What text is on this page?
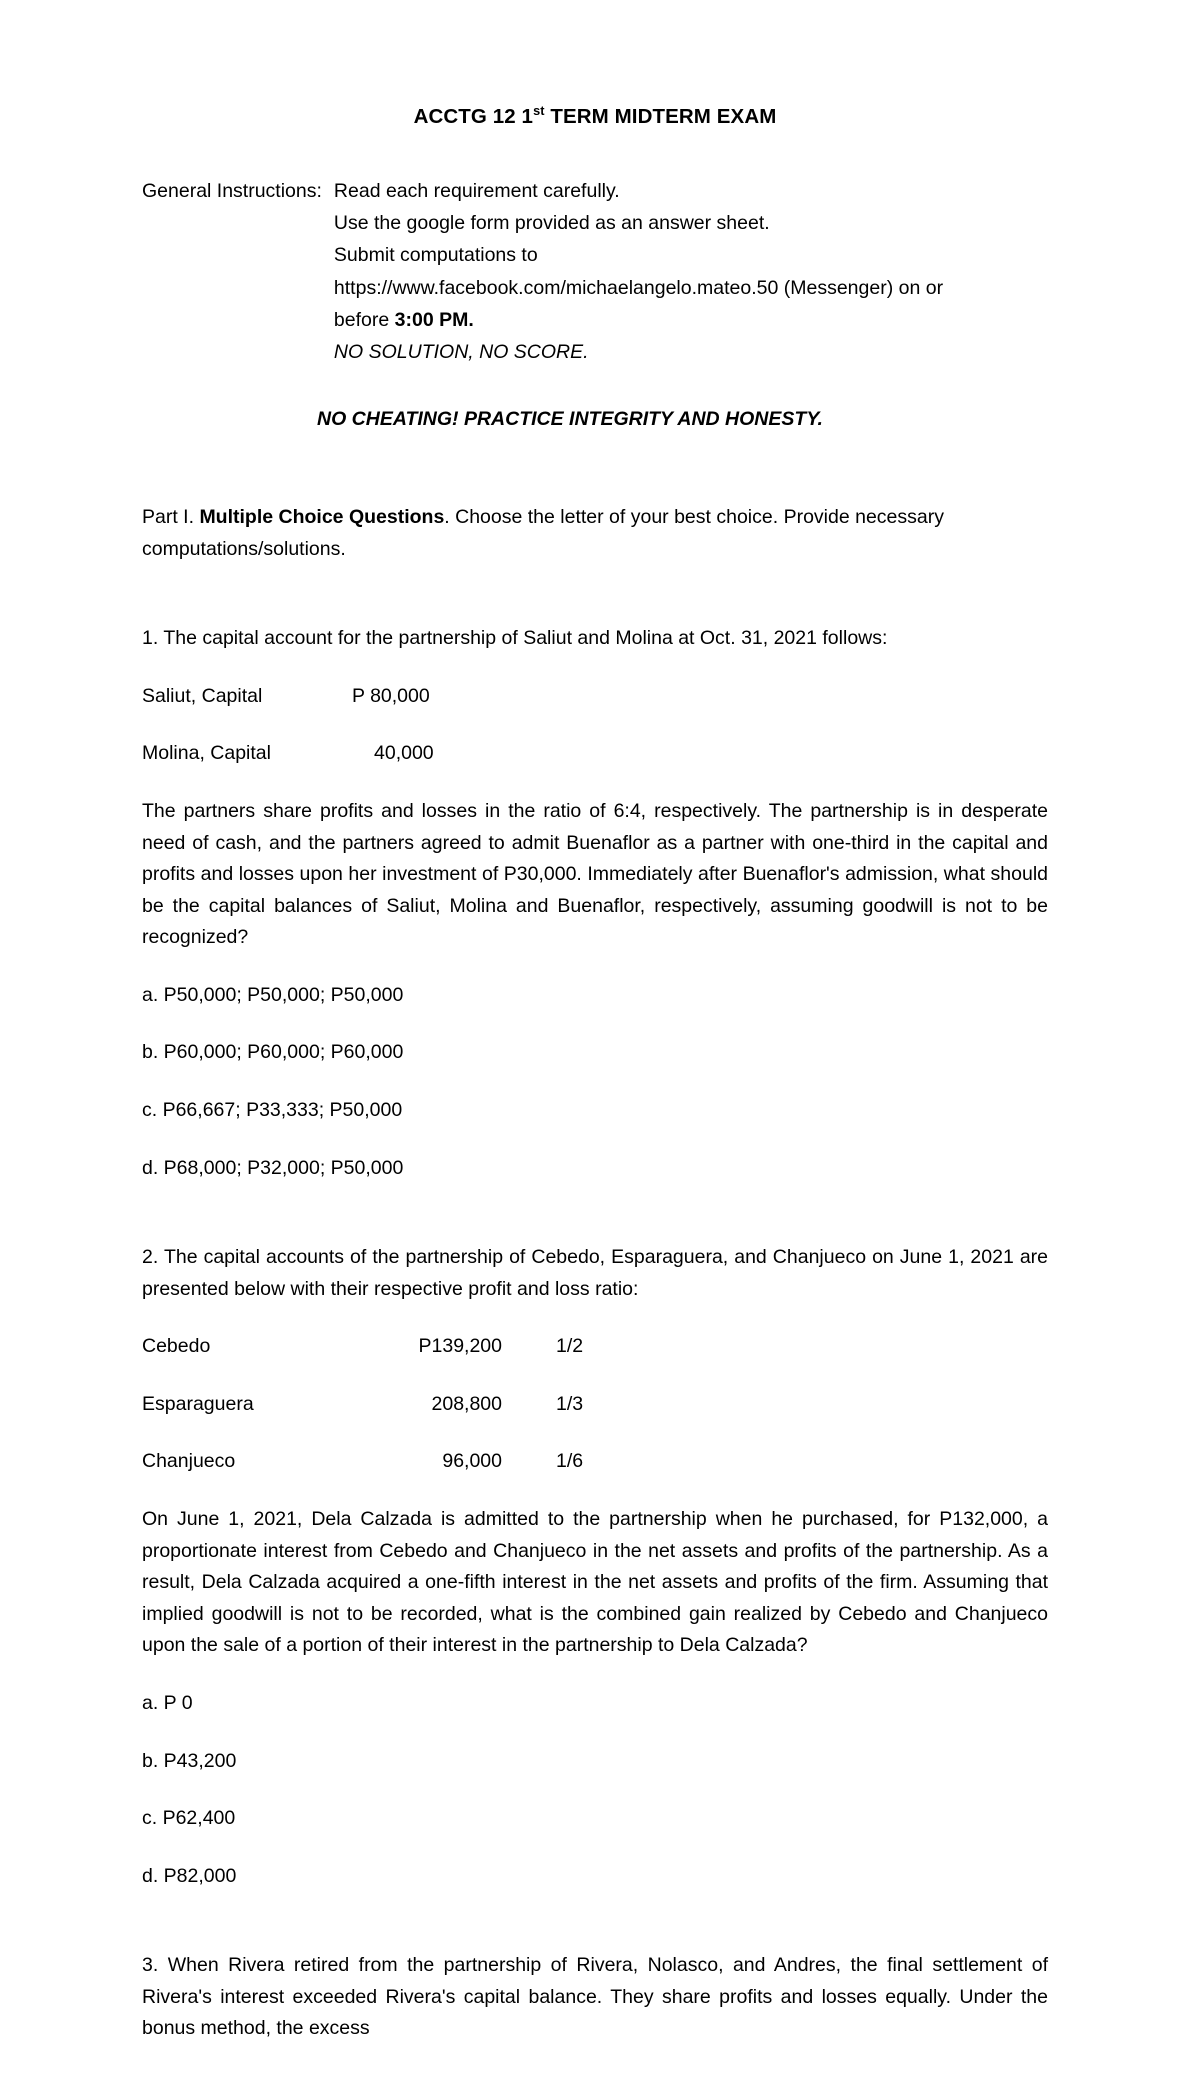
ACCTG 12 1st TERM MIDTERM EXAM
General Instructions: Read each requirement carefully.
Use the google form provided as an answer sheet.
Submit computations to
https://www.facebook.com/michaelangelo.mateo.50 (Messenger) on or
before 3:00 PM.
NO SOLUTION, NO SCORE.
NO CHEATING! PRACTICE INTEGRITY AND HONESTY.

Part I. Multiple Choice Questions. Choose the letter of your best choice. Provide necessary computations/solutions.

1. The capital account for the partnership of Saliut and Molina at Oct. 31, 2021 follows:

Saliut, Capital	P 80,000
Molina, Capital	40,000

The partners share profits and losses in the ratio of 6:4, respectively. The partnership is in desperate need of cash, and the partners agreed to admit Buenaflor as a partner with one-third in the capital and profits and losses upon her investment of P30,000. Immediately after Buenaflor's admission, what should be the capital balances of Saliut, Molina and Buenaflor, respectively, assuming goodwill is not to be recognized?

a. P50,000; P50,000; P50,000

b. P60,000; P60,000; P60,000

c. P66,667; P33,333; P50,000

d. P68,000; P32,000; P50,000

2. The capital accounts of the partnership of Cebedo, Esparaguera, and Chanjueco on June 1, 2021 are presented below with their respective profit and loss ratio:

Cebedo	P139,200	1/2
Esparaguera	208,800	1/3
Chanjueco	96,000	1/6

On June 1, 2021, Dela Calzada is admitted to the partnership when he purchased, for P132,000, a proportionate interest from Cebedo and Chanjueco in the net assets and profits of the partnership. As a result, Dela Calzada acquired a one-fifth interest in the net assets and profits of the firm. Assuming that implied goodwill is not to be recorded, what is the combined gain realized by Cebedo and Chanjueco upon the sale of a portion of their interest in the partnership to Dela Calzada?

a. P 0

b. P43,200

c. P62,400

d. P82,000

3. When Rivera retired from the partnership of Rivera, Nolasco, and Andres, the final settlement of Rivera's interest exceeded Rivera's capital balance. They share profits and losses equally. Under the bonus method, the excess
